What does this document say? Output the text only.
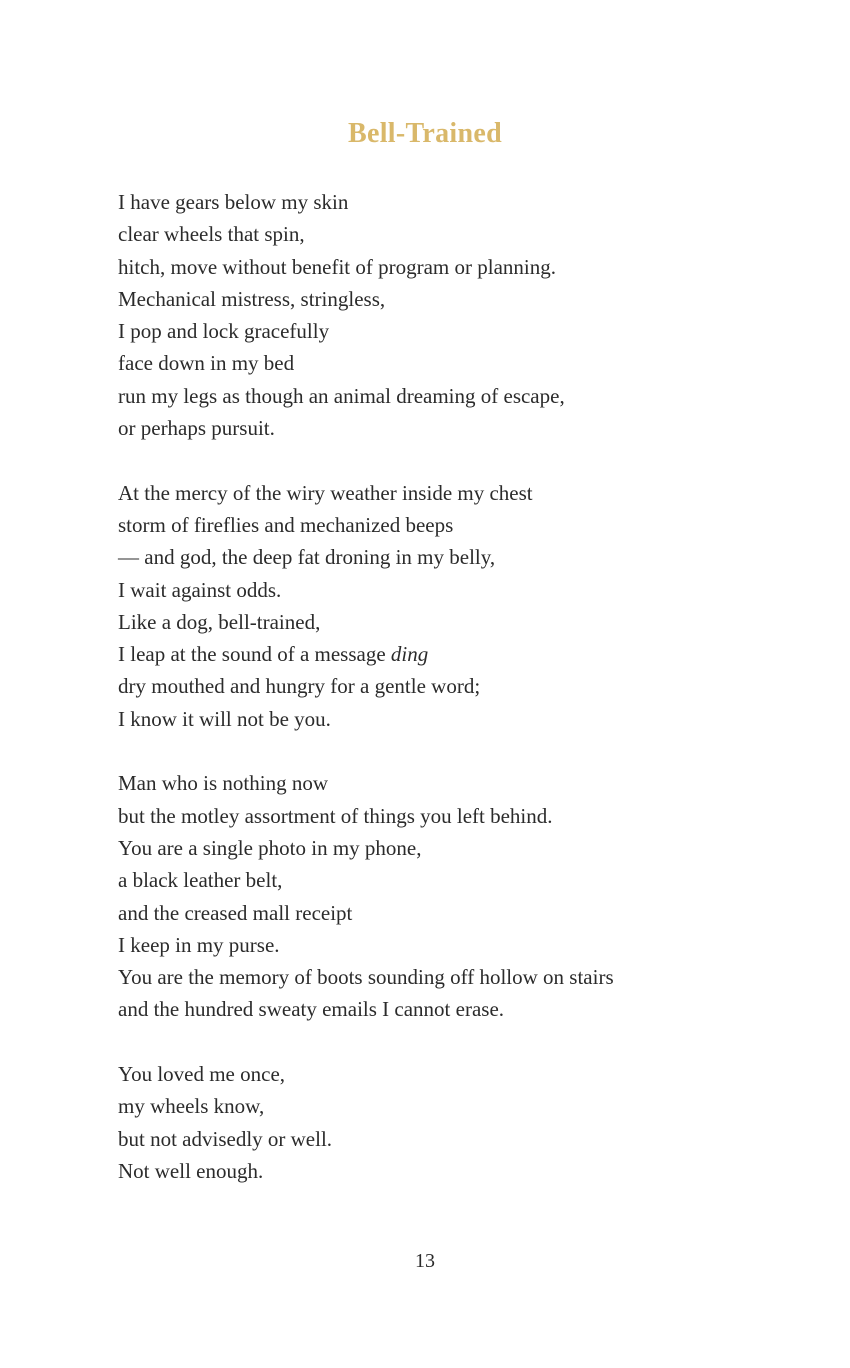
Bell-Trained
I have gears below my skin
clear wheels that spin,
hitch, move without benefit of program or planning.
Mechanical mistress, stringless,
I pop and lock gracefully
face down in my bed
run my legs as though an animal dreaming of escape,
or perhaps pursuit.
At the mercy of the wiry weather inside my chest
storm of fireflies and mechanized beeps
— and god, the deep fat droning in my belly,
I wait against odds.
Like a dog, bell-trained,
I leap at the sound of a message ding
dry mouthed and hungry for a gentle word;
I know it will not be you.
Man who is nothing now
but the motley assortment of things you left behind.
You are a single photo in my phone,
a black leather belt,
and the creased mall receipt
I keep in my purse.
You are the memory of boots sounding off hollow on stairs
and the hundred sweaty emails I cannot erase.
You loved me once,
my wheels know,
but not advisedly or well.
Not well enough.
13
